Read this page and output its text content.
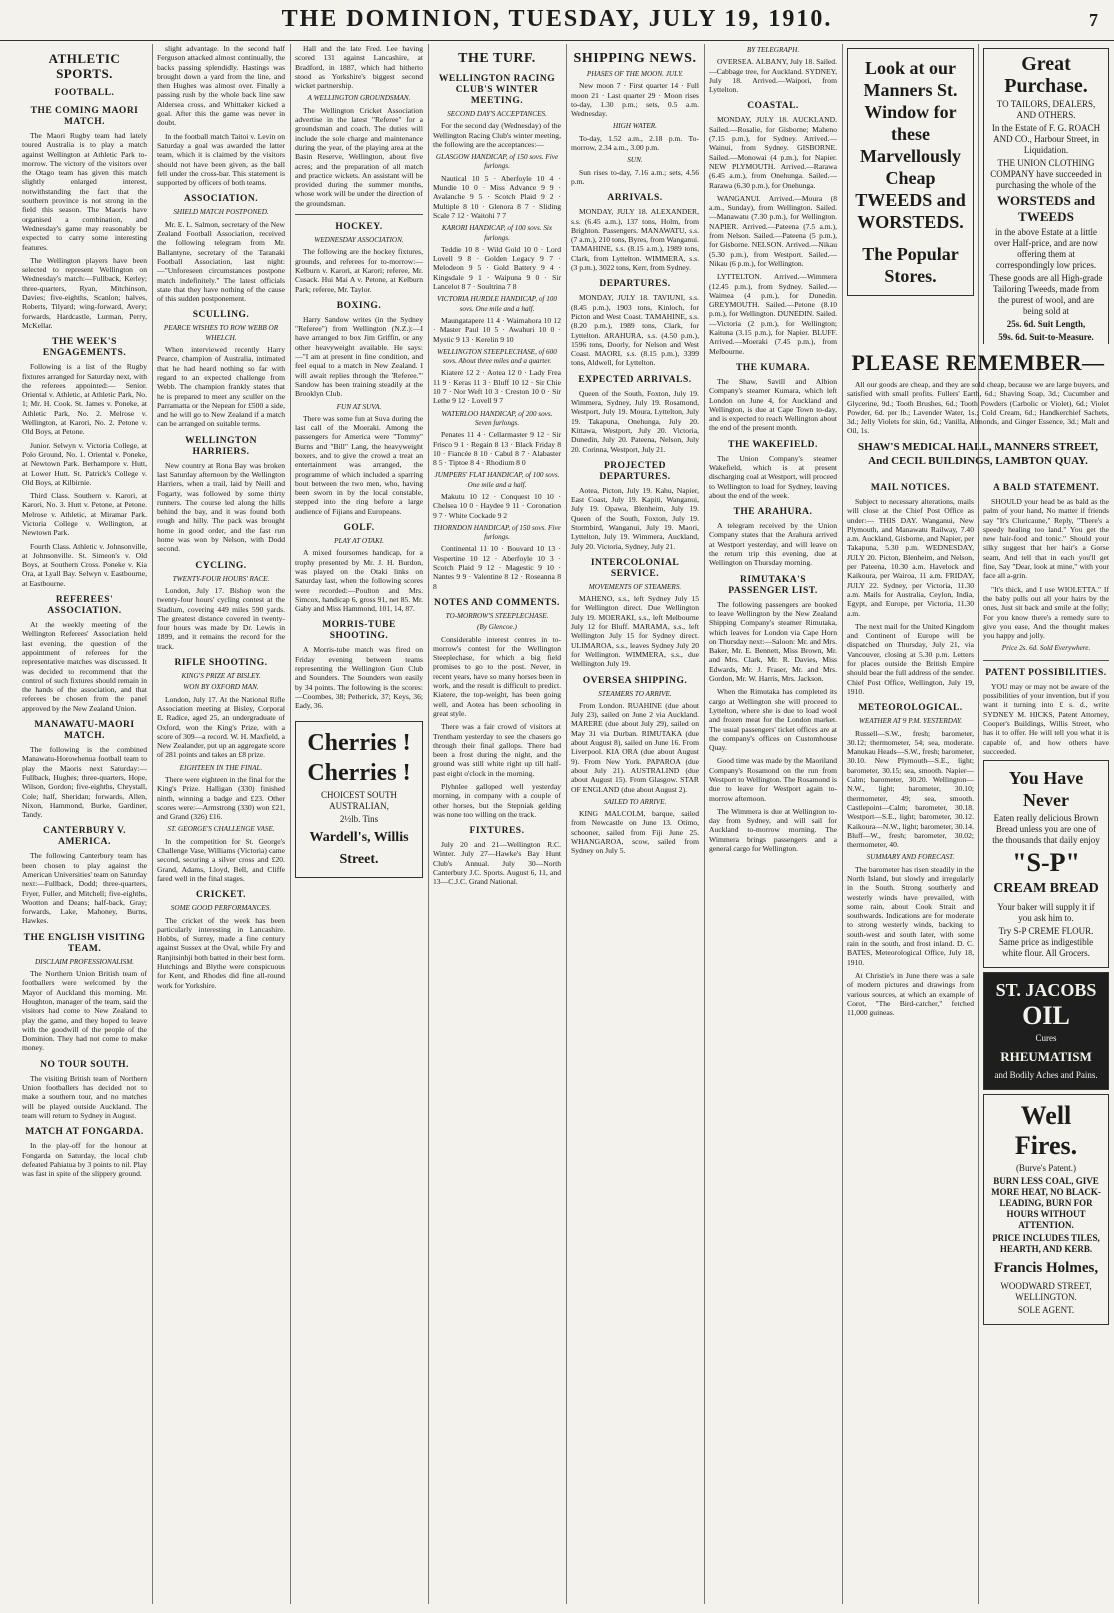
THE DOMINION, TUESDAY, JULY 19, 1910.	7
ATHLETIC SPORTS.
FOOTBALL.
THE COMING MAORI MATCH.

The Maori Rugby team had lately toured Australia is to play a match against Wellington at Athletic Park to-morrow. The victory of the visitors over the Otago team has given this match slightly enlarged interest, notwithstanding the fact that the southern province is not strong in the field this season. The Maoris have organised a combination, and Wednesday's game may reasonably be expected to carry some interesting features.

The Wellington players have been selected to represent Wellington on Wednesday's match:—Fullback, Kerley; three-quarters, Ryan, Mitchinson, Davies; five-eighths, Scanlon; halves, Roberts, Tilyard; wing-forward, Avery; forwards, Hardcastle, Lurman, Perry, McKellar.

THE WEEK'S ENGAGEMENTS.

Following is a list of the Rugby fixtures arranged for Saturday next, with the referees appointed:— Senior. Oriental v. Athletic, at Athletic Park, No. 1; Mr. H. Cook. St. James v. Poneke, at Athletic Park, No. 2. Melrose v. Wellington, at Karori, No. 2. Petone v. Old Boys, at Petone.

Junior. Selwyn v. Victoria College, at Polo Ground, No. 1. Oriental v. Poneke, at Newtown Park. Berhampore v. Hutt, at Lower Hutt. St. Patrick's College v. Old Boys, at Kilbirnie.

Third Class. Southern v. Karori, at Karori, No. 3. Hutt v. Petone, at Petone. Melrose v. Athletic, at Miramar Park. Victoria College v. Wellington, at Newtown Park.

Fourth Class. Athletic v. Johnsonville, at Johnsonville. St. Simeon's v. Old Boys, at Southern Cross. Poneke v. Kia Ora, at Lyall Bay. Selwyn v. Eastbourne, at Eastbourne.

REFEREES' ASSOCIATION.

At the weekly meeting of the Wellington Referees' Association held last evening, the question of the appointment of referees for the representative matches was discussed. It was decided to recommend that the control of such fixtures should remain in the hands of the association, and that referees be chosen from the panel approved by the New Zealand Union.

MANAWATU-MAORI MATCH.

The following is the combined Manawatu-Horowhenua football team to play the Maoris next Saturday:—Fullback, Hughes; three-quarters, Hope, Wilson, Gordon; five-eighths, Chrystall, Cole; half, Sheridan; forwards, Allen, Nixon, Hammond, Burke, Gardiner, Tandy.

CANTERBURY V. AMERICA.

The following Canterbury team has been chosen to play against the American Universities' team on Saturday next:—Fullback, Dodd; three-quarters, Fryer, Fuller, and Mitchell; five-eighths, Wootton and Deans; half-back, Gray; forwards, Lake, Mahoney, Burns, Hawkes.

THE ENGLISH VISITING TEAM.
DISCLAIM PROFESSIONALISM.

The Northern Union British team of footballers were welcomed by the Mayor of Auckland this morning. Mr. Houghton, manager of the team, said the visitors had come to New Zealand to play the game, and they hoped to leave with the goodwill of the people of the Dominion. They had not come to make money.

NO TOUR SOUTH.

The visiting British team of Northern Union footballers has decided not to make a southern tour, and no matches will be played outside Auckland. The team will return to Sydney in August.

MATCH AT FONGARDA.

In the play-off for the honour at Fongarda on Saturday, the local club defeated Pahiatua by 3 points to nil. Play was fast in spite of the slippery ground.

slight advantage. In the second half Ferguson attacked almost continually, the backs passing splendidly. Hastings was brought down a yard from the line, and then Hughes was almost over. Finally a passing rush by the whole back line saw Aldersea cross, and Whittaker kicked a goal. After this the game was never in doubt.

In the football match Taitoi v. Levin on Saturday a goal was awarded the latter team, which it is claimed by the visitors should not have been given, as the ball fell under the cross-bar. This statement is supported by officers of both teams.

ASSOCIATION.
SHIELD MATCH POSTPONED.

Mr. E. L. Salmon, secretary of the New Zealand Football Association, received the following telegram from Mr. Ballantyne, secretary of the Taranaki Football Association, last night:—"Unforeseen circumstances postpone match indefinitely." The latest officials state that they have nothing of the cause of this sudden postponement.

SCULLING.
PEARCE WISHES TO ROW WEBB OR WHELCH.

When interviewed recently Harry Pearce, champion of Australia, intimated that he had heard nothing so far with regard to an expected challenge from Webb. The champion frankly states that he is prepared to meet any sculler on the Parramatta or the Nepean for £500 a side, and he will go to New Zealand if a match can be arranged on suitable terms.

WELLINGTON HARRIERS.

New country at Rona Bay was broken last Saturday afternoon by the Wellington Harriers, when a trail, laid by Neill and Fogarty, was followed by some thirty runners. The course led along the hills behind the bay, and it was found both rough and hilly. The pack was brought home in good order, and the fast run home was won by Nelson, with Dodd second.

CYCLING.
TWENTY-FOUR HOURS' RACE.

London, July 17. Bishop won the twenty-four hours' cycling contest at the Stadium, covering 449 miles 590 yards. The greatest distance covered in twenty-four hours was made by Dr. Lewis in 1899, and it remains the record for the track.

RIFLE SHOOTING.
KING'S PRIZE AT BISLEY.
WON BY OXFORD MAN.

London, July 17. At the National Rifle Association meeting at Bisley, Corporal E. Radice, aged 25, an undergraduate of Oxford, won the King's Prize, with a score of 309—a record. W. H. Maxfield, a New Zealander, put up an aggregate score of 281 points and takes an £8 prize.

EIGHTEEN IN THE FINAL.

There were eighteen in the final for the King's Prize. Halligan (330) finished ninth, winning a badge and £23. Other scores were:—Armstrong (330) won £21, and Grand (326) £16.

ST. GEORGE'S CHALLENGE VASE.

In the competition for St. George's Challenge Vase, Williams (Victoria) came second, securing a silver cross and £20. Grand, Adams, Lloyd, Bell, and Cliffe fared well in the final stages.

CRICKET.
SOME GOOD PERFORMANCES.

The cricket of the week has been particularly interesting in Lancashire. Hobbs, of Surrey, made a fine century against Sussex at the Oval, while Fry and Ranjitsinhji both batted in their best form. Hutchings and Blythe were conspicuous for Kent, and Rhodes did fine all-round work for Yorkshire.

Hall and the late Fred. Lee having scored 131 against Lancashire, at Bradford, in 1887, which had hitherto stood as Yorkshire's biggest second wicket partnership.

A WELLINGTON GROUNDSMAN.

The Wellington Cricket Association advertise in the latest "Referee" for a groundsman and coach. The duties will include the sole charge and maintenance during the year, of the playing area at the Basin Reserve, Wellington, about five acres; and the preparation of all match and practice wickets. An assistant will be provided during the summer months, whose work will be under the direction of the groundsman.

HOCKEY.
WEDNESDAY ASSOCIATION.

The following are the hockey fixtures, grounds, and referees for to-morrow:—Kelburn v. Karori, at Karori; referee, Mr. Cusack. Hui Mai A v. Petone, at Kelburn Park; referee, Mr. Taylor.

BOXING.

Harry Sandow writes (in the Sydney "Referee") from Wellington (N.Z.):—I have arranged to box Jim Griffin, or any other heavyweight available. He says:—"I am at present in fine condition, and feel equal to a match in New Zealand. I will await replies through the 'Referee.'" Sandow has been training steadily at the Brooklyn Club.

FUN AT SUVA.

There was some fun at Suva during the last call of the Moeraki. Among the passengers for America were "Tommy" Burns and "Bill" Lang, the heavyweight boxers, and to give the crowd a treat an entertainment was arranged, the programme of which included a sparring bout between the two men, who, having been sworn in by the local constable, stepped into the ring before a large audience of Fijians and Europeans.

GOLF.
PLAY AT OTAKI.

A mixed foursomes handicap, for a trophy presented by Mr. J. H. Burdon, was played on the Otaki links on Saturday last, when the following scores were recorded:—Poulton and Mrs. Simcox, handicap 6, gross 91, net 85. Mr. Gaby and Miss Hammond, 101, 14, 87.

MORRIS-TUBE SHOOTING.

A Morris-tube match was fired on Friday evening between teams representing the Wellington Gun Club and Sounders. The Sounders won easily by 34 points. The following is the scores:—Coombes, 38; Petherick, 37; Keys, 36; Eady, 36.

Cherries !
Cherries !
CHOICEST SOUTH AUSTRALIAN,
2½lb. Tins
Wardell's, Willis Street.
THE TURF.
WELLINGTON RACING CLUB'S WINTER MEETING.
SECOND DAY'S ACCEPTANCES.

For the second day (Wednesday) of the Wellington Racing Club's winter meeting, the following are the acceptances:—

GLASGOW HANDICAP, of 150 sovs. Five furlongs.

Nautical 10 5 · Aberfoyle 10 4 · Mundie 10 0 · Miss Advance 9 9 · Avalanche 9 5 · Scotch Plaid 9 2 · Multiple 8 10 · Glenora 8 7 · Sliding Scale 7 12 · Waitohi 7 7

KARORI HANDICAP, of 100 sovs. Six furlongs.

Teddie 10 8 · Wild Gold 10 0 · Lord Lovell 9 8 · Golden Legacy 9 7 · Melodeon 9 5 · Gold Battery 9 4 · Kingsdale 9 1 · Waipuna 9 0 · Sir Lancelot 8 7 · Soultrina 7 8

VICTORIA HURDLE HANDICAP, of 100 sovs. One mile and a half.

Maungatapere 11 4 · Waimahora 10 12 · Master Paul 10 5 · Awahuri 10 0 · Mystic 9 13 · Kerelin 9 10

WELLINGTON STEEPLECHASE, of 600 sovs. About three miles and a quarter.

Kiatere 12 2 · Aotea 12 0 · Lady Frea 11 9 · Keras 11 3 · Bluff 10 12 · Sir Chie 10 7 · Nor Weft 10 3 · Creston 10 0 · Sir Lethe 9 12 · Lovell 9 7

WATERLOO HANDICAP, of 200 sovs. Seven furlongs.

Penates 11 4 · Cellarmaster 9 12 · Sir Frisco 9 1 · Regain 8 13 · Black Friday 8 10 · Fiancée 8 10 · Cabul 8 7 · Alabaster 8 5 · Tiptoe 8 4 · Rhodium 8 0

JUMPERS' FLAT HANDICAP, of 100 sovs. One mile and a half.

Makutu 10 12 · Conquest 10 10 · Chelsea 10 0 · Haydee 9 11 · Coronation 9 7 · White Cockade 9 2

THORNDON HANDICAP, of 150 sovs. Five furlongs.

Continental 11 10 · Bouvard 10 13 · Vespertine 10 12 · Aberfoyle 10 3 · Scotch Plaid 9 12 · Magestic 9 10 · Nantes 9 9 · Valentine 8 12 · Roseanna 8 8

NOTES AND COMMENTS.
TO-MORROW'S STEEPLECHASE.
(By Glencoe.)

Considerable interest centres in to-morrow's contest for the Wellington Steeplechase, for which a big field promises to go to the post. Never, in recent years, have so many horses been in work, and the result is difficult to predict. Kiatere, the top-weight, has been going well, and Aotea has been schooling in great style.

There was a fair crowd of visitors at Trentham yesterday to see the chasers go through their final gallops. There had been a frost during the night, and the ground was still white right up till half-past eight o'clock in the morning.

Plyhnlee galloped well yesterday morning, in company with a couple of other horses, but the Stepniak gelding was none too willing on the track.

FIXTURES.

July 20 and 21—Wellington R.C. Winter. July 27—Hawke's Bay Hunt Club's Annual. July 30—North Canterbury J.C. Sports. August 6, 11, and 13—C.J.C. Grand National.

SHIPPING NEWS.
PHASES OF THE MOON. JULY.

New moon 7 · First quarter 14 · Full moon 21 · Last quarter 29 · Moon rises to-day, 1.30 p.m.; sets, 0.5 a.m. Wednesday.

HIGH WATER.

To-day, 1.52 a.m., 2.18 p.m. To-morrow, 2.34 a.m., 3.00 p.m.

SUN.

Sun rises to-day, 7.16 a.m.; sets, 4.56 p.m.

ARRIVALS.

MONDAY, JULY 18. ALEXANDER, s.s. (6.45 a.m.), 137 tons, Holm, from Brighton. Passengers. MANAWATU, s.s. (7 a.m.), 210 tons, Byres, from Wanganui. TAMAHINE, s.s. (8.15 a.m.), 1989 tons, Clark, from Lyttelton. WIMMERA, s.s. (3 p.m.), 3022 tons, Kerr, from Sydney.

DEPARTURES.

MONDAY, JULY 18. TAVIUNI, s.s. (8.45 p.m.), 1903 tons, Kinloch, for Picton and West Coast. TAMAHINE, s.s. (8.20 p.m.), 1989 tons, Clark, for Lyttelton. ARAHURA, s.s. (4.50 p.m.), 1596 tons, Doorly, for Nelson and West Coast. MAORI, s.s. (8.15 p.m.), 3399 tons, Aldwell, for Lyttelton.

EXPECTED ARRIVALS.

Queen of the South, Foxton, July 19. Wimmera, Sydney, July 19. Rosamond, Westport, July 19. Moura, Lyttelton, July 19. Takapuna, Onehunga, July 20. Kittawa, Westport, July 20. Victoria, Dunedin, July 20. Pateena, Nelson, July 20. Corinna, Westport, July 21.

PROJECTED DEPARTURES.

Aotea, Picton, July 19. Kahu, Napier, East Coast, July 19. Kapiti, Wanganui, July 19. Opawa, Blenheim, July 19. Queen of the South, Foxton, July 19. Stormbird, Wanganui, July 19. Maori, Lyttelton, July 19. Wimmera, Auckland, July 20. Victoria, Sydney, July 21.

INTERCOLONIAL SERVICE.
MOVEMENTS OF STEAMERS.

MAHENO, s.s., left Sydney July 15 for Wellington direct. Due Wellington July 19. MOERAKI, s.s., left Melbourne July 12 for Bluff. MARAMA, s.s., left Wellington July 15 for Sydney direct. ULIMAROA, s.s., leaves Sydney July 20 for Wellington. WIMMERA, s.s., due Wellington July 19.

OVERSEA SHIPPING.
STEAMERS TO ARRIVE.

From London. RUAHINE (due about July 23), sailed on June 2 via Auckland. MARERE (due about July 29), sailed on May 31 via Durban. RIMUTAKA (due about August 8), sailed on June 16. From Liverpool. KIA ORA (due about August 9). From New York. PAPAROA (due about July 21). AUSTRALIND (due about August 15). From Glasgow. STAR OF ENGLAND (due about August 2).

SAILED TO ARRIVE.

KING MALCOLM, barque, sailed from Newcastle on June 13. Otimo, schooner, sailed from Fiji June 25. WHANGAROA, scow, sailed from Sydney on July 5.

BY TELEGRAPH.

OVERSEA. ALBANY, July 18. Sailed.—Cabbage tree, for Auckland. SYDNEY, July 18. Arrived.—Waipori, from Lyttelton.

COASTAL.

MONDAY, JULY 18. AUCKLAND. Sailed.—Rosalie, for Gisborne; Maheno (7.15 p.m.), for Sydney. Arrived.—Wainui, from Sydney. GISBORNE. Sailed.—Monowai (4 p.m.), for Napier. NEW PLYMOUTH. Arrived.—Rarawa (6.45 a.m.), from Onehunga. Sailed.—Rarawa (6.30 p.m.), for Onehunga.

WANGANUI. Arrived.—Moura (8 a.m., Sunday), from Wellington. Sailed.—Manawatu (7.30 p.m.), for Wellington. NAPIER. Arrived.—Pateena (7.5 a.m.), from Nelson. Sailed.—Pateena (5 p.m.), for Gisborne. NELSON. Arrived.—Nikau (5.30 p.m.), from Westport. Sailed.—Nikau (6 p.m.), for Wellington.

LYTTELTON. Arrived.—Wimmera (12.45 p.m.), from Sydney. Sailed.—Waimea (4 p.m.), for Dunedin. GREYMOUTH. Sailed.—Petone (8.10 p.m.), for Wellington. DUNEDIN. Sailed.—Victoria (2 p.m.), for Wellington; Kaituna (3.15 p.m.), for Napier. BLUFF. Arrived.—Moeraki (7.45 p.m.), from Melbourne.

THE KUMARA.

The Shaw, Savill and Albion Company's steamer Kumara, which left London on June 4, for Auckland and Wellington, is due at Cape Town to-day, and is expected to reach Wellington about the end of the present month.

THE WAKEFIELD.

The Union Company's steamer Wakefield, which is at present discharging coal at Westport, will proceed to Wellington to load for Sydney, leaving about the end of the week.

THE ARAHURA.

A telegram received by the Union Company states that the Arahura arrived at Westport yesterday, and will leave on the return trip this evening, due at Wellington on Thursday morning.

RIMUTAKA'S PASSENGER LIST.

The following passengers are booked to leave Wellington by the New Zealand Shipping Company's steamer Rimutaka, which leaves for London via Cape Horn on Thursday next:—Saloon: Mr. and Mrs. Baker, Mr. E. Bennett, Miss Brown, Mr. and Mrs. Clark, Mr. R. Davies, Miss Edwards, Mr. J. Fraser, Mr. and Mrs. Gordon, Mr. W. Harris, Mrs. Jackson.

When the Rimutaka has completed its cargo at Wellington she will proceed to Lyttelton, where she is due to load wool and frozen meat for the London market. The usual passengers' ticket offices are at the company's offices on Customhouse Quay.

Good time was made by the Maoriland Company's Rosamond on the run from Westport to Wellington. The Rosamond is due to leave for Westport again to-morrow afternoon.

The Wimmera is due at Wellington to-day from Sydney, and will sail for Auckland to-morrow morning. The Wimmera brings passengers and a general cargo for Wellington.

Look at our
Manners St.
Window for
these
Marvellously
Cheap
TWEEDS and
WORSTEDS.
The Popular
Stores.
PLEASE REMEMBER—

All our goods are cheap, and they are sold cheap, because we are large buyers, and satisfied with small profits. Fullers' Earth, 6d.; Shaving Soap, 3d.; Cucumber and Glycerine, 9d.; Tooth Brushes, 6d.; Tooth Powders (Carbolic or Violet), 6d.; Violet Powder, 6d. per lb.; Lavender Water, 1s.; Cold Cream, 6d.; Handkerchief Sachets, 3d.; Jelly Violets for skin, 6d.; Vanilla, Almonds, and Ginger Essence, 3d.; Malt and Oil, 1s.

SHAW'S MEDICAL HALL, MANNERS STREET,
And CECIL BUILDINGS, LAMBTON QUAY.
MAIL NOTICES.

Subject to necessary alterations, mails will close at the Chief Post Office as under:— THIS DAY. Wanganui, New Plymouth, and Manawatu Railway, 7.40 a.m. Auckland, Gisborne, and Napier, per Takapuna, 5.30 p.m. WEDNESDAY, JULY 20. Picton, Blenheim, and Nelson, per Pateena, 10.30 a.m. Havelock and Kaikoura, per Wairoa, 11 a.m. FRIDAY, JULY 22. Sydney, per Victoria, 11.30 a.m. Mails for Australia, Ceylon, India, Egypt, and Europe, per Victoria, 11.30 a.m.

The next mail for the United Kingdom and Continent of Europe will be dispatched on Thursday, July 21, via Vancouver, closing at 5.30 p.m. Letters for places outside the British Empire should bear the full address of the sender. Chief Post Office, Wellington, July 19, 1910.

METEOROLOGICAL.
WEATHER AT 9 P.M. YESTERDAY.

Russell—S.W., fresh; barometer, 30.12; thermometer, 54; sea, moderate. Manukau Heads—S.W., fresh; barometer, 30.10. New Plymouth—S.E., light; barometer, 30.15; sea, smooth. Napier—Calm; barometer, 30.20. Wellington—N.W., light; barometer, 30.10; thermometer, 49; sea, smooth. Castlepoint—Calm; barometer, 30.18. Westport—S.E., light; barometer, 30.12. Kaikoura—N.W., light; barometer, 30.14. Bluff—W., fresh; barometer, 30.02; thermometer, 40.

SUMMARY AND FORECAST.

The barometer has risen steadily in the North Island, but slowly and irregularly in the South. Strong southerly and westerly winds have prevailed, with some rain, about Cook Strait and southwards. Indications are for moderate to strong westerly winds, backing to south-west and south later, with some rain in the south, and frost inland. D. C. BATES, Meteorological Office, July 18, 1910.

At Christie's in June there was a sale of modern pictures and drawings from various sources, at which an example of Corot, "The Bird-catcher," fetched 11,000 guineas.

Great Purchase.
TO TAILORS, DEALERS, AND OTHERS.
In the Estate of F. G. ROACH AND CO., Harbour Street, in Liquidation.
THE UNION CLOTHING COMPANY have succeeded in purchasing the whole of the
WORSTEDS and TWEEDS
in the above Estate at a little over Half-price, and are now offering them at correspondingly low prices.
These goods are all High-grade Tailoring Tweeds, made from the purest of wool, and are being sold at
25s. 6d. Suit Length,
59s. 6d. Suit-to-Measure.
A BALD STATEMENT.

SHOULD your head be as bald as the palm of your hand, No matter if friends say "It's Cluricaune," Reply, "There's a speedy healing too land." You get the new hair-food and tonic." Should your silky suggest that her hair's a Gorse seam, And tell that in each you'll get fine, Say "Dear, look at mine," with your face all a-grin.

"It's thick, and I use WIOLETTA." If the baby pulls out all your hairs by the ones, Just sit back and smile at the folly; For you know there's a remedy sure to give you ease, And the thought makes you happy and jolly.

Price 2s. 6d. Sold Everywhere.
PATENT POSSIBILITIES.

YOU may or may not be aware of the possibilities of your invention, but if you want it turning into £ s. d., write SYDNEY M. HICKS, Patent Attorney, Cooper's Buildings, Willis Street, who has it to offer. He will tell you what it is capable of, and how others have succeeded.

You Have Never
Eaten really delicious Brown Bread unless you are one of the thousands that daily enjoy
"S-P"
CREAM BREAD
Your baker will supply it if you ask him to.
Try S-P CREME FLOUR. Same price as indigestible white flour. All Grocers.
ST. JACOBS
OIL
Cures
RHEUMATISM
and Bodily Aches and Pains.
Well Fires.
(Burve's Patent.)
BURN LESS COAL, GIVE MORE HEAT, NO BLACK-LEADING, BURN FOR HOURS WITHOUT ATTENTION.
PRICE INCLUDES TILES, HEARTH, AND KERB.
Francis Holmes,
WOODWARD STREET, WELLINGTON.
SOLE AGENT.
